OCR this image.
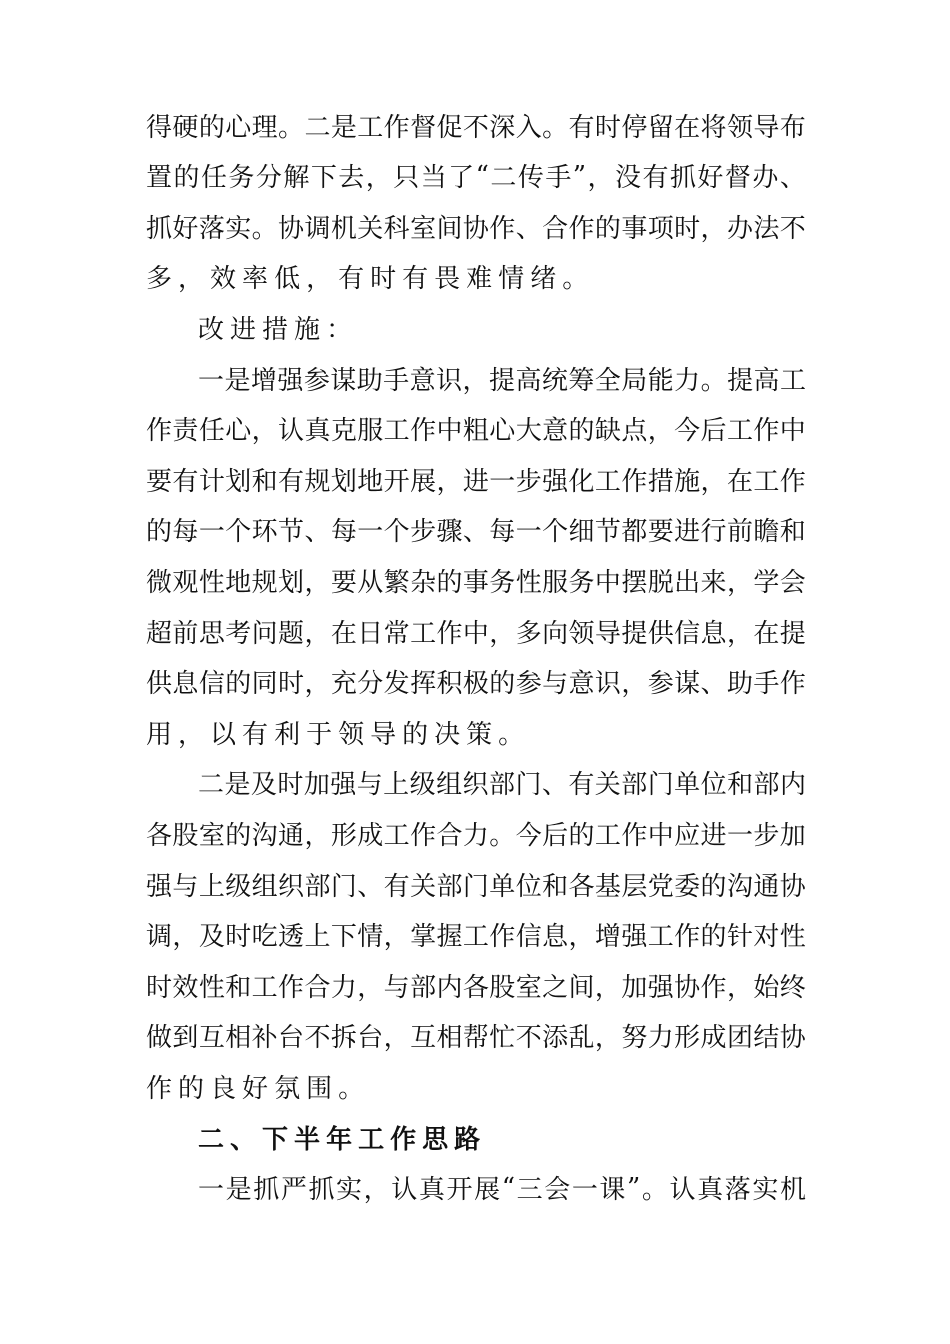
得 硬 的 心 理 。 二 是 工 作 督 促 不 深 入 。 有 时 停 留 在 将 领 导 布
置 的 任 务 分 解 下 去 ， 只 当 了 “ 二 传 手 ” ， 没 有 抓 好 督 办 、
抓 好 落 实 。 协 调 机 关 科 室 间 协 作 、 合 作 的 事 项 时 ， 办 法 不
多 ， 效 率 低 ， 有 时 有 畏 难 情 绪 。
改 进 措 施 ：
一 是 增 强 参 谋 助 手 意 识 ， 提 高 统 筹 全 局 能 力 。 提 高 工
作 责 任 心 ， 认 真 克 服 工 作 中 粗 心 大 意 的 缺 点 ， 今 后 工 作 中
要 有 计 划 和 有 规 划 地 开 展 ， 进 一 步 强 化 工 作 措 施 ， 在 工 作
的 每 一 个 环 节 、 每 一 个 步 骤 、 每 一 个 细 节 都 要 进 行 前 瞻 和
微 观 性 地 规 划 ， 要 从 繁 杂 的 事 务 性 服 务 中 摆 脱 出 来 ， 学 会
超 前 思 考 问 题 ， 在 日 常 工 作 中 ， 多 向 领 导 提 供 信 息 ， 在 提
供 息 信 的 同 时 ， 充 分 发 挥 积 极 的 参 与 意 识 ， 参 谋 、 助 手 作
用 ， 以 有 利 于 领 导 的 决 策 。
二 是 及 时 加 强 与 上 级 组 织 部 门 、 有 关 部 门 单 位 和 部 内
各 股 室 的 沟 通 ， 形 成 工 作 合 力 。 今 后 的 工 作 中 应 进 一 步 加
强 与 上 级 组 织 部 门 、 有 关 部 门 单 位 和 各 基 层 党 委 的 沟 通 协
调 ， 及 时 吃 透 上 下 情 ， 掌 握 工 作 信 息 ， 增 强 工 作 的 针 对 性
时 效 性 和 工 作 合 力 ， 与 部 内 各 股 室 之 间 ， 加 强 协 作 ， 始 终
做 到 互 相 补 台 不 拆 台 ， 互 相 帮 忙 不 添 乱 ， 努 力 形 成 团 结 协
作 的 良 好 氛 围 。
二 、 下 半 年 工 作 思 路
一 是 抓 严 抓 实 ， 认 真 开 展 “ 三 会 一 课 ” 。 认 真 落 实 机
